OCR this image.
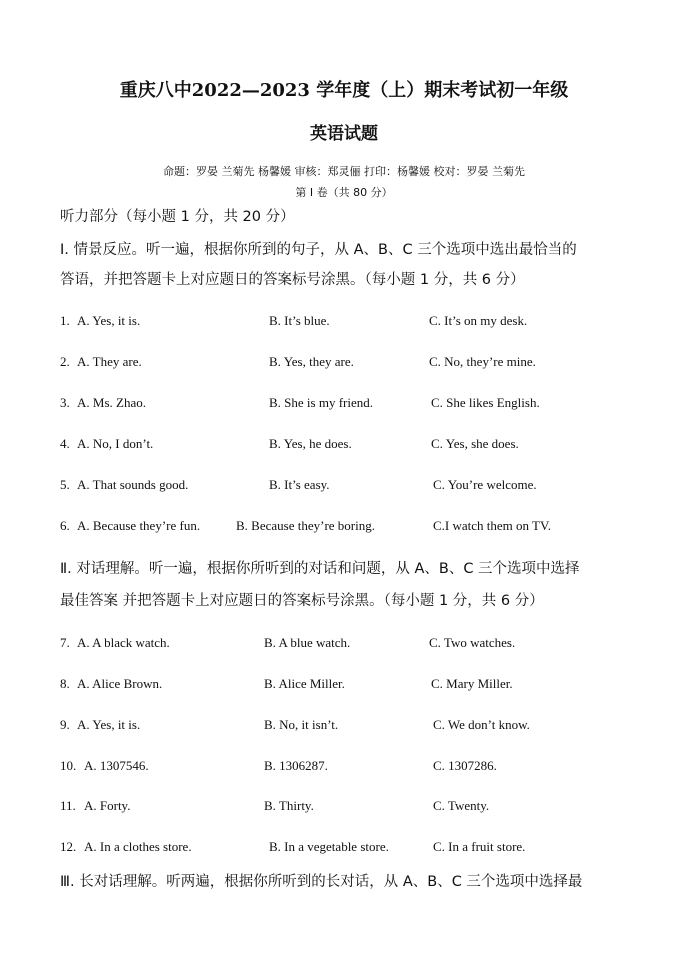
重庆八中2022—2023 学年度（上）期末考试初一年级
英语试题
命题：罗晏 兰菊先 杨馨媛 审核：郑灵俪 打印：杨馨媛 校对：罗晏 兰菊先
第 I 卷（共 80 分）
听力部分（每小题 1 分，共 20 分）
I. 情景反应。听一遍，根据你所到的句子，从 A、B、C 三个选项中选出最恰当的
答语，并把答题卡上对应题日的答案标号涂黑。（每小题 1 分，共 6 分）
1. A. Yes, it is.	B. It’s blue.	C. It’s on my desk.
2. A. They are.	B. Yes, they are.	C. No, they’re mine.
3. A. Ms. Zhao.	B. She is my friend.	C. She likes English.
4. A. No, I don’t.	B. Yes, he does.	C. Yes, she does.
5. A. That sounds good.	B. It’s easy.	C. You’re welcome.
6. A. Because they’re fun.	B. Because they’re boring.	C.I watch them on TV.
Ⅱ. 对话理解。听一遍，根据你所听到的对话和问题，从 A、B、C 三个选项中选择
最佳答案 并把答题卡上对应题日的答案标号涂黑。（每小题 1 分，共 6 分）
7. A. A black watch.	B. A blue watch.	C. Two watches.
8. A. Alice Brown.	B. Alice Miller.	C. Mary Miller.
9. A. Yes, it is.	B. No, it isn’t.	C. We don’t know.
10. A. 1307546.	B. 1306287.	C. 1307286.
11. A. Forty.	B. Thirty.	C. Twenty.
12. A. In a clothes store.	B. In a vegetable store.	C. In a fruit store.
Ⅲ. 长对话理解。听两遍，根据你所听到的长对话，从 A、B、C 三个选项中选择最
